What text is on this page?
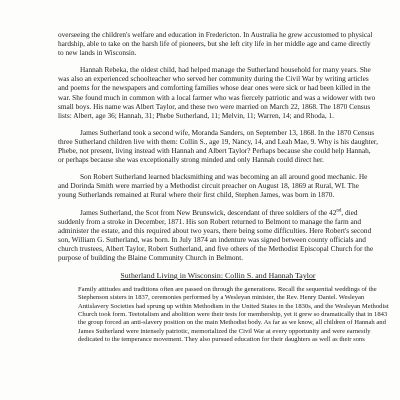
overseeing the children's welfare and education in Fredericton. In Australia he grew accustomed to physical hardship, able to take on the harsh life of pioneers, but she left city life in her middle age and came directly to new lands in Wisconsin.

Hannah Rebeka, the oldest child, had helped manage the Sutherland household for many years. She was also an experienced schoolteacher who served her community during the Civil War by writing articles and poems for the newspapers and comforting families whose dear ones were sick or had been killed in the war. She found much in common with a local farmer who was fiercely patriotic and was a widower with two small boys. His name was Albert Taylor, and these two were married on March 22, 1868. The 1870 Census lists: Albert, age 36; Hannah, 31; Phebe Sutherland, 11; Melvin, 11; Warren, 14; and Rhoda, 1.

James Sutherland took a second wife, Moranda Sanders, on September 13, 1868. In the 1870 Census three Sutherland children live with them: Collin S., age 19, Nancy, 14, and Leah Mae, 9. Why is his daughter, Phebe, not present, living instead with Hannah and Albert Taylor? Perhaps because she could help Hannah, or perhaps because she was exceptionally strong minded and only Hannah could direct her.

Son Robert Sutherland learned blacksmithing and was becoming an all around good mechanic. He and Dorinda Smith were married by a Methodist circuit preacher on August 18, 1869 at Rural, WI. The young Sutherlands remained at Rural where their first child, Stephen James, was born in 1870.

James Sutherland, the Scot from New Brunswick, descendant of three soldiers of the 42nd, died suddenly from a stroke in December, 1871. His son Robert returned to Belmont to manage the farm and administer the estate, and this required about two years, there being some difficulties. Here Robert's second son, William G. Sutherland, was born. In July 1874 an indenture was signed between county officials and church trustees, Albert Taylor, Robert Sutherland, and five others of the Methodist Episcopal Church for the purpose of building the Blaine Community Church in Belmont.

Sutherland Living in Wisconsin: Collin S. and Hannah Taylor

Family attitudes and traditions often are passed on through the generations. Recall the sequential weddings of the Stephenson sisters in 1837, ceremonies performed by a Wesleyan minister, the Rev. Henry Daniel. Wesleyan Antislavery Societies had sprung up within Methodism in the United States in the 1830s, and the Wesleyan Methodist Church took form. Teetotalism and abolition were their tests for membership, yet it grew so dramatically that in 1843 the group forced an anti-slavery position on the main Methodist body. As far as we know, all children of Hannah and James Sutherland were intensely patriotic, memorialized the Civil War at every opportunity and were earnestly dedicated to the temperance movement. They also pursued education for their daughters as well as their sons
